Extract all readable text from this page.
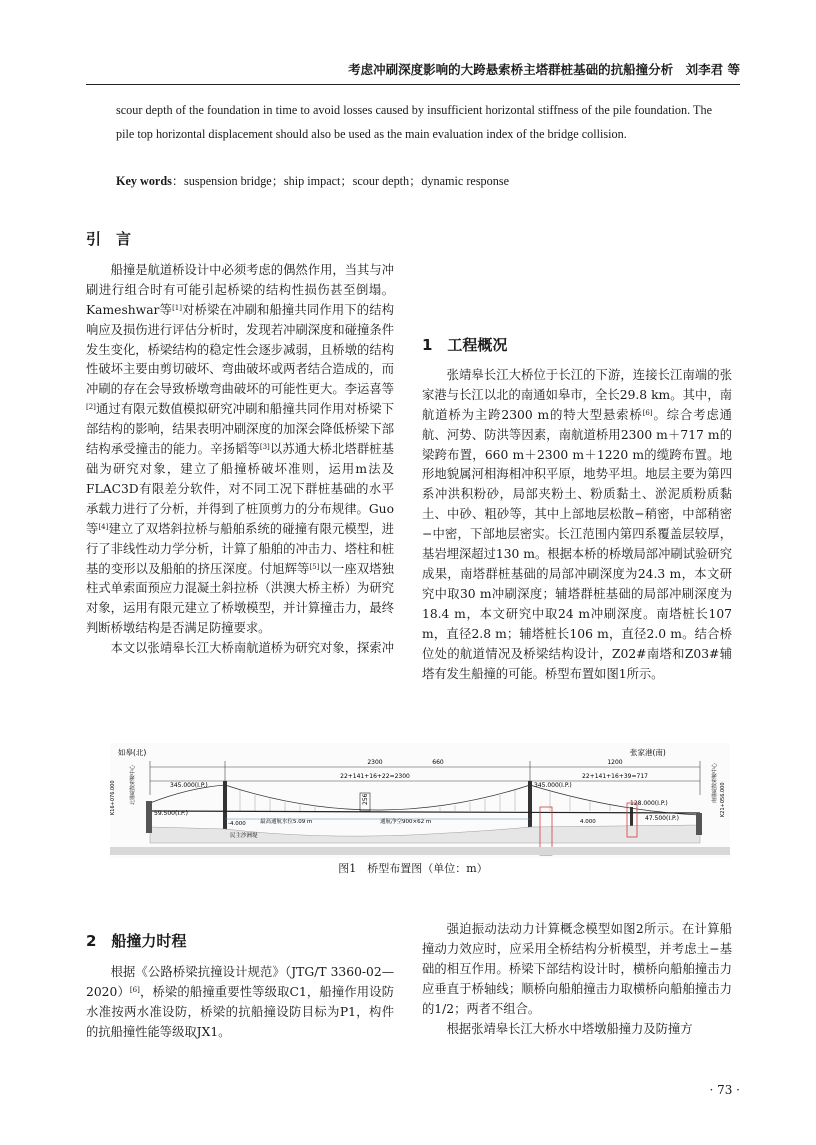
考虑冲刷深度影响的大跨悬索桥主塔群桩基础的抗船撞分析　刘李君 等
scour depth of the foundation in time to avoid losses caused by insufficient horizontal stiffness of the pile foundation. The pile top horizontal displacement should also be used as the main evaluation index of the bridge collision.
Key words：suspension bridge；ship impact；scour depth；dynamic response
引　言

船撞是航道桥设计中必须考虑的偶然作用，当其与冲刷进行组合时有可能引起桥梁的结构性损伤甚至倒塌。Kameshwar等[1]对桥梁在冲刷和船撞共同作用下的结构响应及损伤进行评估分析时，发现若冲刷深度和碰撞条件发生变化，桥梁结构的稳定性会逐步减弱，且桥墩的结构性破坏主要由剪切破坏、弯曲破坏或两者结合造成的，而冲刷的存在会导致桥墩弯曲破坏的可能性更大。李运喜等[2]通过有限元数值模拟研究冲刷和船撞共同作用对桥梁下部结构的影响，结果表明冲刷深度的加深会降低桥梁下部结构承受撞击的能力。辛扬韬等[3]以苏通大桥北塔群桩基础为研究对象，建立了船撞桥破坏准则，运用m法及FLAC3D有限差分软件，对不同工况下群桩基础的水平承载力进行了分析，并得到了桩顶剪力的分布规律。Guo等[4]建立了双塔斜拉桥与船舶系统的碰撞有限元模型，进行了非线性动力学分析，计算了船舶的冲击力、塔柱和桩基的变形以及船舶的挤压深度。付旭辉等[5]以一座双塔独柱式单索面预应力混凝土斜拉桥（洪澳大桥主桥）为研究对象，运用有限元建立了桥墩模型，并计算撞击力，最终判断桥墩结构是否满足防撞要求。

本文以张靖皋长江大桥南航道桥为研究对象，探索冲

1　工程概况

张靖皋长江大桥位于长江的下游，连接长江南端的张家港与长江以北的南通如皋市，全长29.8 km。其中，南航道桥为主跨2300 m的特大型悬索桥[6]。综合考虑通航、河势、防洪等因素，南航道桥用2300 m＋717 m的梁跨布置，660 m＋2300 m＋1220 m的缆跨布置。地形地貌属河相海相冲积平原，地势平坦。地层主要为第四系冲洪积粉砂，局部夹粉土、粉质黏土、淤泥质粉质黏土、中砂、粗砂等，其中上部地层松散−稍密，中部稍密−中密，下部地层密实。长江范围内第四系覆盖层较厚，基岩埋深超过130 m。根据本桥的桥墩局部冲刷试验研究成果，南塔群桩基础的局部冲刷深度为24.3 m，本文研究中取30 m冲刷深度；辅塔群桩基础的局部冲刷深度为18.4 m，本文研究中取24 m冲刷深度。南塔桩长107 m，直径2.8 m；辅塔桩长106 m，直径2.0 m。结合桥位处的航道情况及桥梁结构设计，Z02#南塔和Z03#辅塔有发生船撞的可能。桥型布置如图1所示。

2300	660	1200
22+141+16+22=2300	22+141+16+39=717
如皋(北)	张家港(南)
256
345.000(I.P.)	345.000(I.P.)
128.000(I.P.)
59.500(I.P.)
47.500(I.P.)
最高通航水位5.09 m	通航净空900×62 m
-4.000	4.000
民主沙洲堤
K16+076.000	K21+056.000
北锚碇散索鞍中心	南锚碇散索鞍中心
图1　桥型布置图（单位：m）
2　船撞力时程

根据《公路桥梁抗撞设计规范》（JTG/T 3360-02—2020）[6]，桥梁的船撞重要性等级取C1，船撞作用设防水准按两水准设防，桥梁的抗船撞设防目标为P1，构件的抗船撞性能等级取JX1。

强迫振动法动力计算概念模型如图2所示。在计算船撞动力效应时，应采用全桥结构分析模型，并考虑土−基础的相互作用。桥梁下部结构设计时，横桥向船舶撞击力应垂直于桥轴线；顺桥向船舶撞击力取横桥向船舶撞击力的1/2；两者不组合。

根据张靖皋长江大桥水中塔墩船撞力及防撞方

· 73 ·
